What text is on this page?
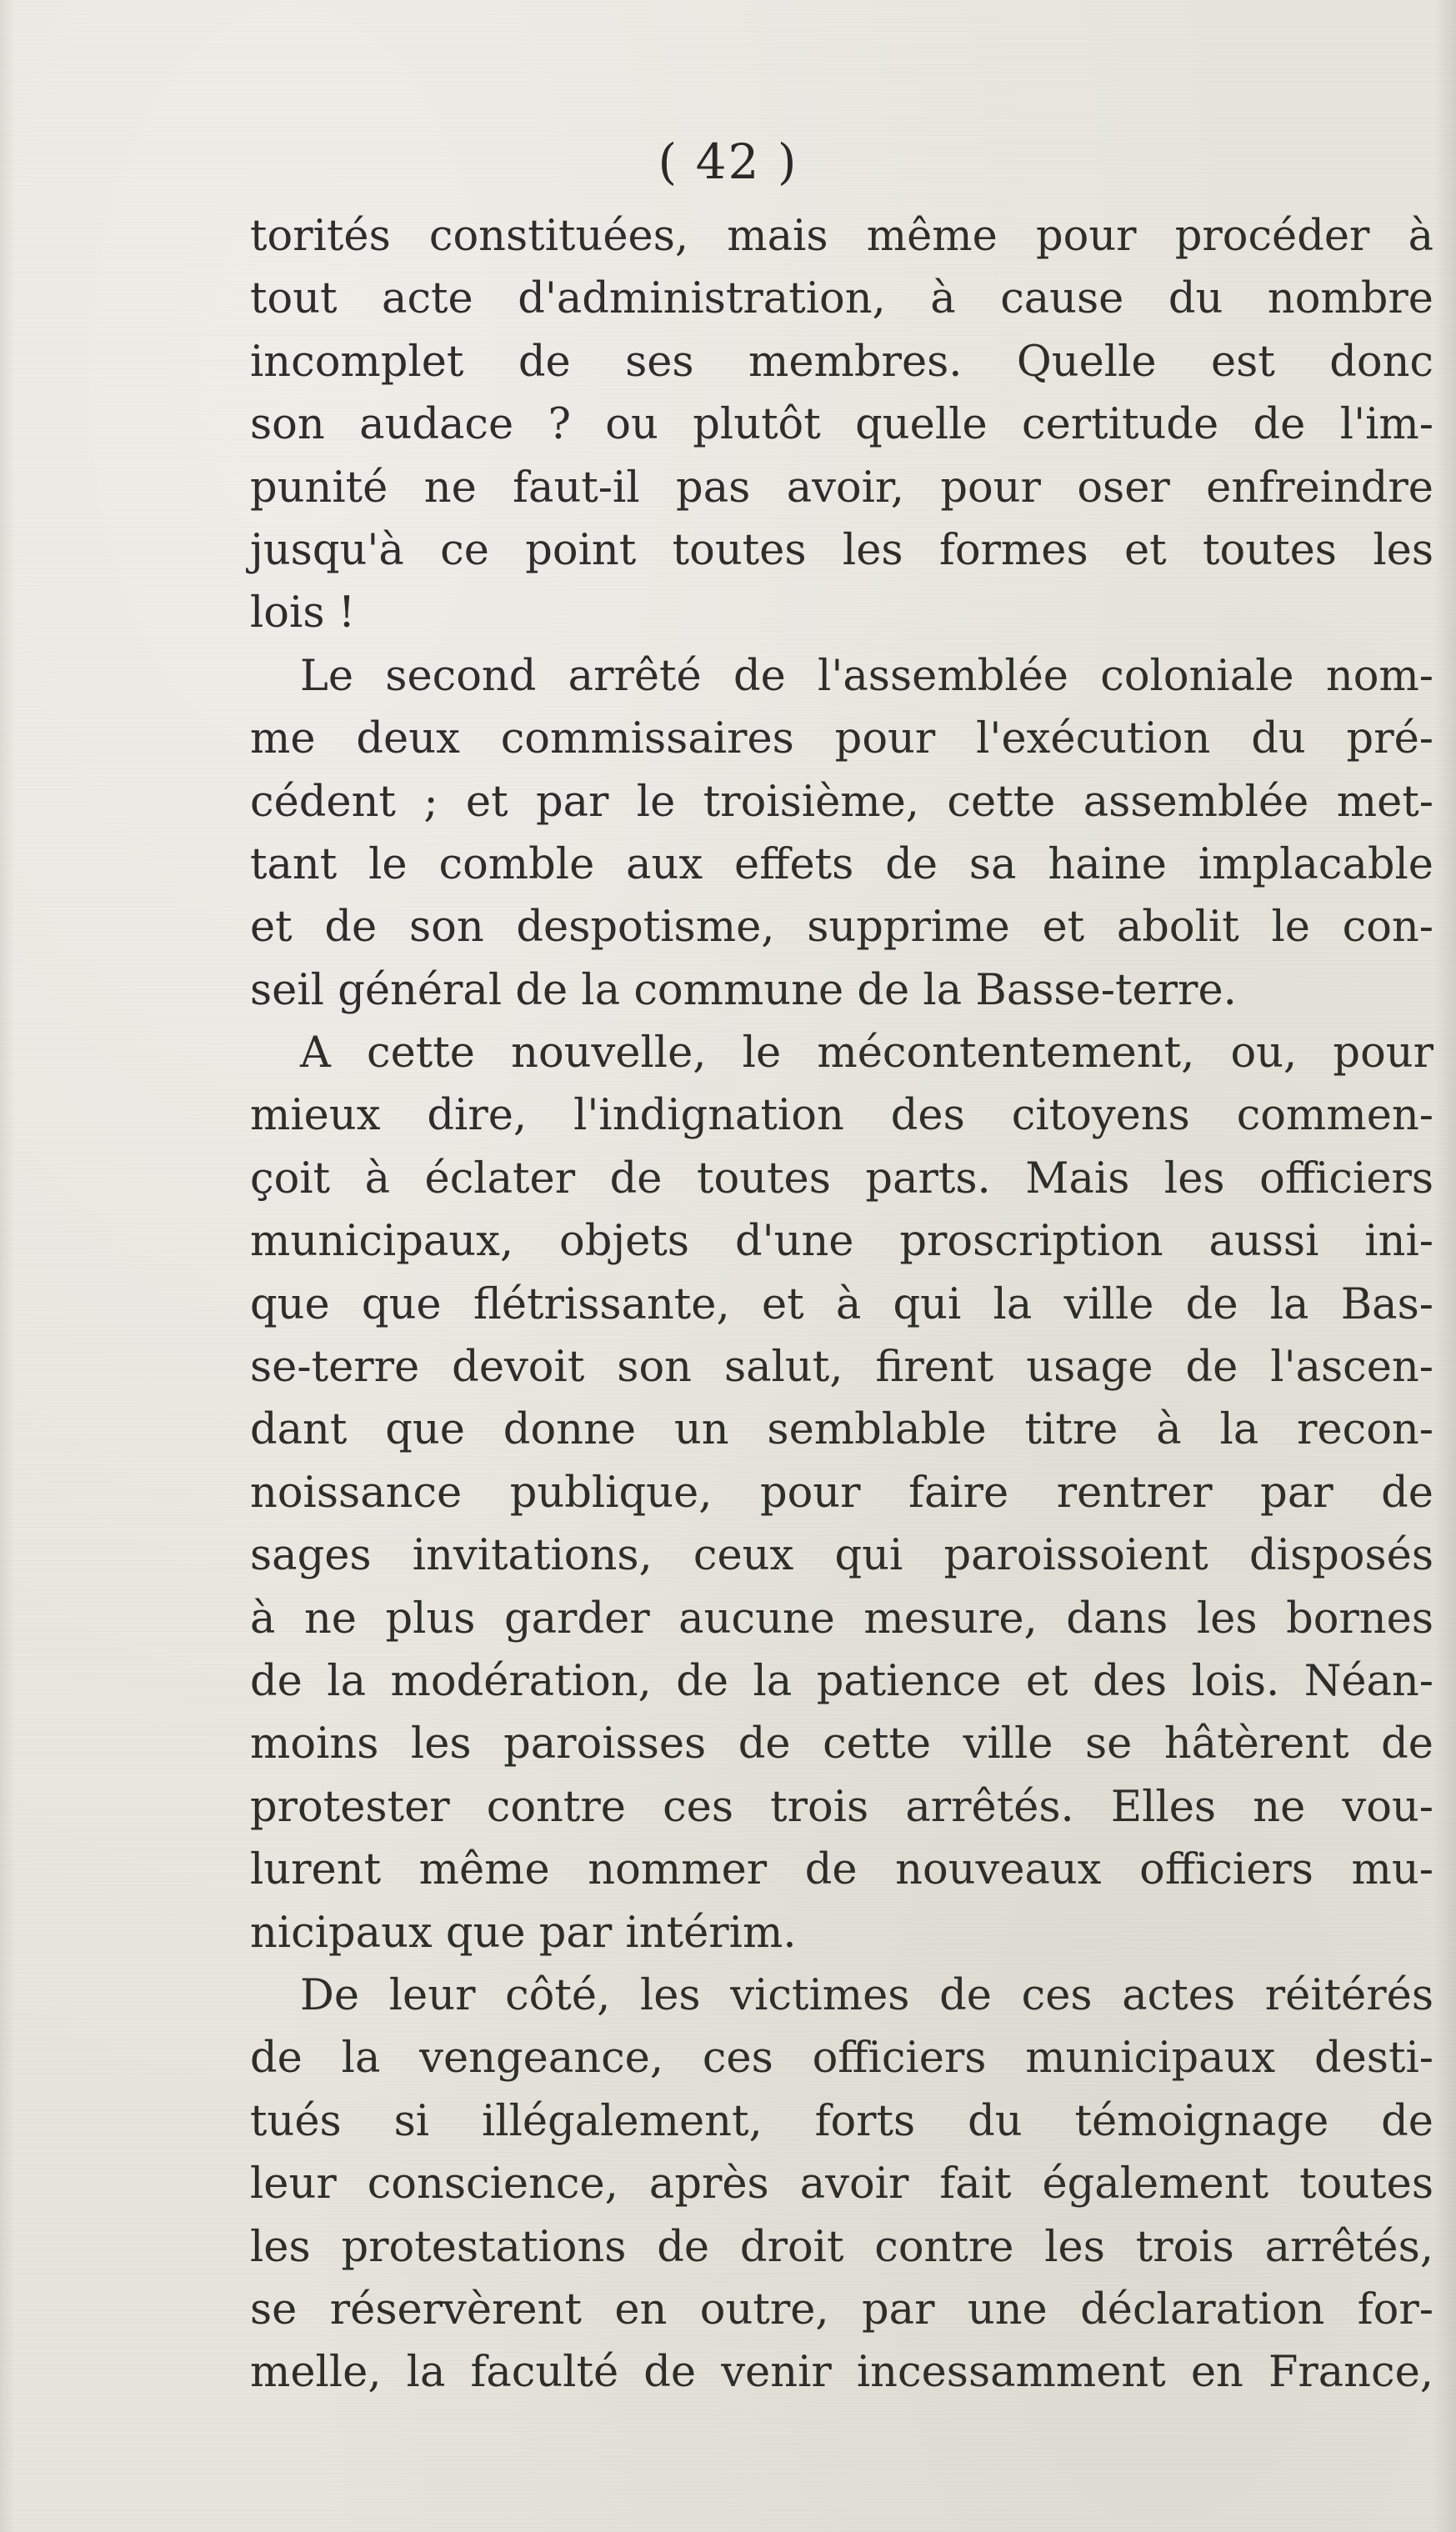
( 42 )
torités constituées, mais même pour procéder à
tout acte d'administration, à cause du nombre
incomplet de ses membres. Quelle est donc
son audace ? ou plutôt quelle certitude de l'im-
punité ne faut-il pas avoir, pour oser enfreindre
jusqu'à ce point toutes les formes et toutes les
lois !
Le second arrêté de l'assemblée coloniale nom-
me deux commissaires pour l'exécution du pré-
cédent ; et par le troisième, cette assemblée met-
tant le comble aux effets de sa haine implacable
et de son despotisme, supprime et abolit le con-
seil général de la commune de la Basse-terre.
A cette nouvelle, le mécontentement, ou, pour
mieux dire, l'indignation des citoyens commen-
çoit à éclater de toutes parts. Mais les officiers
municipaux, objets d'une proscription aussi ini-
que que flétrissante, et à qui la ville de la Bas-
se-terre devoit son salut, firent usage de l'ascen-
dant que donne un semblable titre à la recon-
noissance publique, pour faire rentrer par de
sages invitations, ceux qui paroissoient disposés
à ne plus garder aucune mesure, dans les bornes
de la modération, de la patience et des lois. Néan-
moins les paroisses de cette ville se hâtèrent de
protester contre ces trois arrêtés. Elles ne vou-
lurent même nommer de nouveaux officiers mu-
nicipaux que par intérim.
De leur côté, les victimes de ces actes réitérés
de la vengeance, ces officiers municipaux desti-
tués si illégalement, forts du témoignage de
leur conscience, après avoir fait également toutes
les protestations de droit contre les trois arrêtés,
se réservèrent en outre, par une déclaration for-
melle, la faculté de venir incessamment en France,
